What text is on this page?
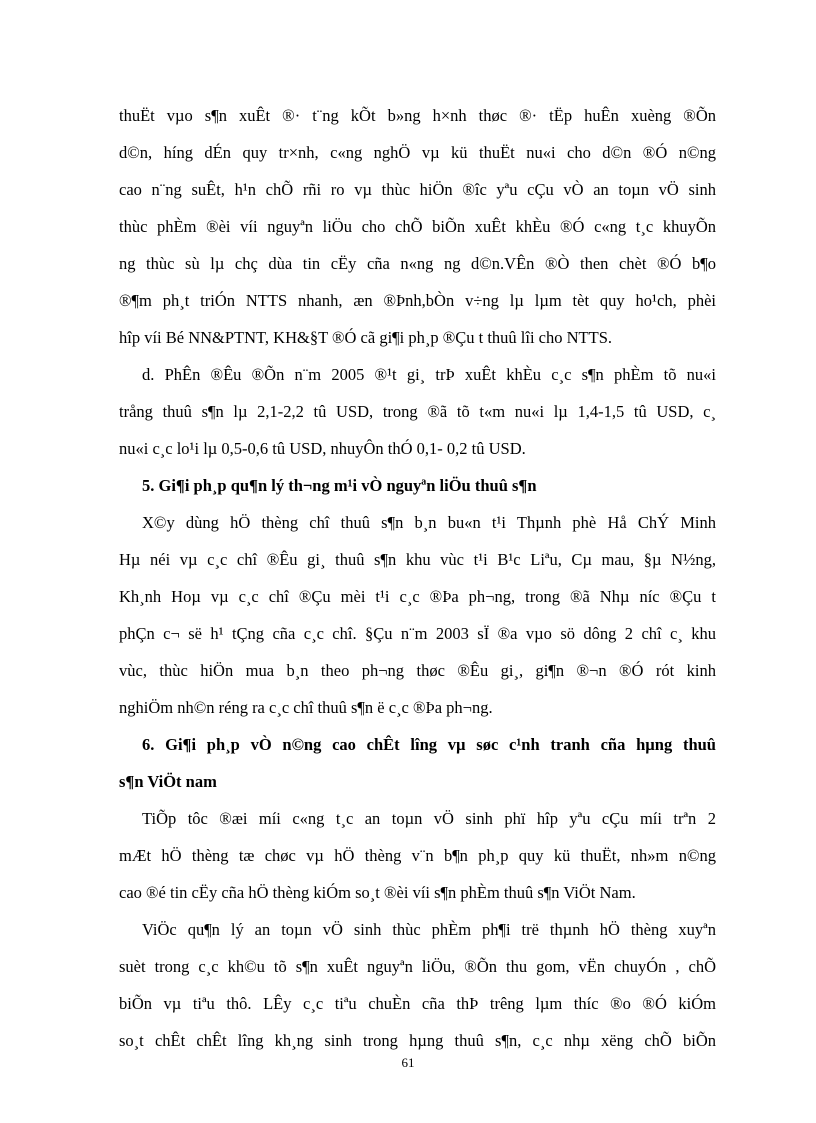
thuËt vµo s¶n xuÊt ®· t¨ng kÕt b»ng h×nh thøc ®· tËp huÊn xuèng ®Õn
d©n, híng dÉn quy tr×nh, c«ng nghÖ vµ kü thuËt nu«i cho d©n ®Ó n©ng
cao n¨ng suÊt, h¹n chÕ rñi ro vµ thùc hiÖn ®îc yªu cÇu vÒ an toµn vÖ sinh
thùc phÈm ®èi víi nguyªn liÖu cho chÕ biÕn xuÊt khÈu ®Ó c«ng t¸c khuyÕn
ng thùc sù lµ chç dùa tin cËy cña n«ng ng d©n.VÊn ®Ò then chèt ®Ó b¶o
®¶m ph¸t triÓn NTTS nhanh, æn ®Þnh,bÒn v÷ng lµ lµm tèt quy ho¹ch, phèi
hîp víi Bé NN&PTNT, KH&§T ®Ó cã gi¶i ph¸p ®Çu t thuû lîi cho NTTS.
d. PhÊn ®Êu ®Õn n¨m 2005 ®¹t gi¸ trÞ xuÊt khÈu c¸c s¶n phÈm tõ nu«i
trång thuû s¶n lµ 2,1-2,2 tû USD, trong ®ã tõ t«m nu«i lµ 1,4-1,5 tû USD, c¸
nu«i c¸c lo¹i lµ 0,5-0,6 tû USD, nhuyÔn thÓ 0,1- 0,2 tû USD.
5. Gi¶i ph¸p qu¶n lý th¬ng m¹i vÒ nguyªn liÖu thuû s¶n
X©y dùng hÖ thèng chî thuû s¶n b¸n bu«n t¹i Thµnh phè Hå ChÝ Minh
Hµ néi vµ c¸c chî ®Êu gi¸ thuû s¶n khu vùc t¹i B¹c Liªu, Cµ mau, §µ N½ng,
Kh¸nh Hoµ vµ c¸c chî ®Çu mèi t¹i c¸c ®Þa ph¬ng, trong ®ã Nhµ níc ®Çu t
phÇn c¬ së h¹ tÇng cña c¸c chî. §Çu n¨m 2003 sÏ ®a vµo sö dông 2 chî c¸ khu
vùc, thùc hiÖn mua b¸n theo ph¬ng thøc ®Êu gi¸, gi¶n ®¬n ®Ó rót kinh
nghiÖm nh©n réng ra c¸c chî thuû s¶n ë c¸c ®Þa ph¬ng.
6. Gi¶i ph¸p vÒ n©ng cao chÊt lîng vµ søc c¹nh tranh cña hµng thuû
s¶n ViÖt nam
TiÕp tôc ®æi míi c«ng t¸c an toµn vÖ sinh phï hîp yªu cÇu míi trªn 2
mÆt hÖ thèng tæ chøc vµ hÖ thèng v¨n b¶n ph¸p quy kü thuËt, nh»m n©ng
cao ®é tin cËy cña hÖ thèng kiÓm so¸t ®èi víi s¶n phÈm thuû s¶n ViÖt Nam.
ViÖc qu¶n lý an toµn vÖ sinh thùc phÈm ph¶i trë thµnh hÖ thèng xuyªn
suèt trong c¸c kh©u tõ s¶n xuÊt nguyªn liÖu, ®Õn thu gom, vËn chuyÓn , chÕ
biÕn vµ tiªu thô. LÊy c¸c tiªu chuÈn cña thÞ trêng lµm thíc ®o ®Ó kiÓm
so¸t chÊt chÊt lîng kh¸ng sinh trong hµng thuû s¶n, c¸c nhµ xëng chÕ biÕn
61
